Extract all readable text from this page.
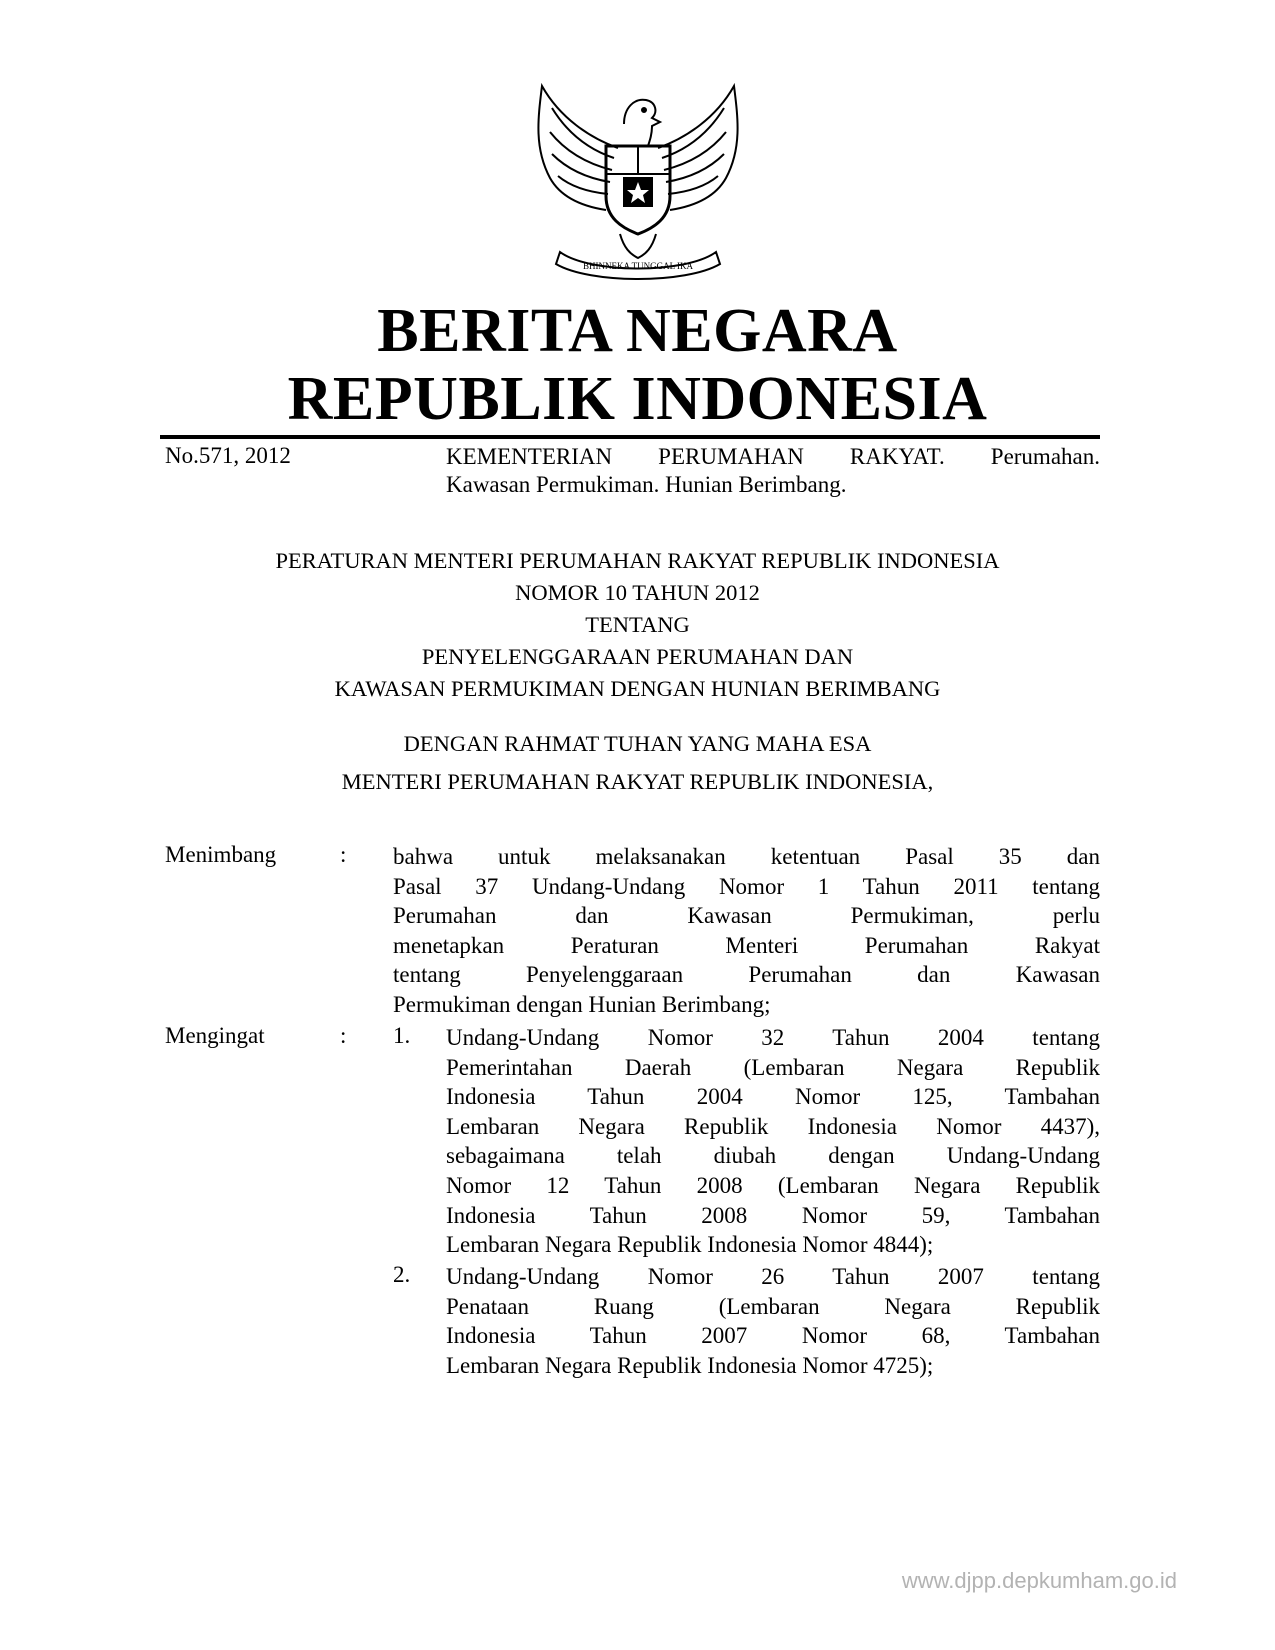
BHINNEKA TUNGGAL IKA
BERITA NEGARA
REPUBLIK INDONESIA
No.571, 2012	KEMENTERIAN PERUMAHAN RAKYAT. Perumahan.
Kawasan Permukiman. Hunian Berimbang.
PERATURAN MENTERI PERUMAHAN RAKYAT REPUBLIK INDONESIA
NOMOR 10 TAHUN 2012
TENTANG
PENYELENGGARAAN PERUMAHAN DAN
KAWASAN PERMUKIMAN DENGAN HUNIAN BERIMBANG
DENGAN RAHMAT TUHAN YANG MAHA ESA
MENTERI PERUMAHAN RAKYAT REPUBLIK INDONESIA,
Menimbang	: bahwa untuk melaksanakan ketentuan Pasal 35 dan
Pasal 37 Undang-Undang Nomor 1 Tahun 2011 tentang
Perumahan dan Kawasan Permukiman, perlu
menetapkan Peraturan Menteri Perumahan Rakyat
tentang Penyelenggaraan Perumahan dan Kawasan
Permukiman dengan Hunian Berimbang;
Mengingat	: 1. Undang-Undang Nomor 32 Tahun 2004 tentang
Pemerintahan Daerah (Lembaran Negara Republik
Indonesia Tahun 2004 Nomor 125, Tambahan
Lembaran Negara Republik Indonesia Nomor 4437),
sebagaimana telah diubah dengan Undang-Undang
Nomor 12 Tahun 2008 (Lembaran Negara Republik
Indonesia Tahun 2008 Nomor 59, Tambahan
Lembaran Negara Republik Indonesia Nomor 4844);
2. Undang-Undang Nomor 26 Tahun 2007 tentang
Penataan Ruang (Lembaran Negara Republik
Indonesia Tahun 2007 Nomor 68, Tambahan
Lembaran Negara Republik Indonesia Nomor 4725);
www.djpp.depkumham.go.id
